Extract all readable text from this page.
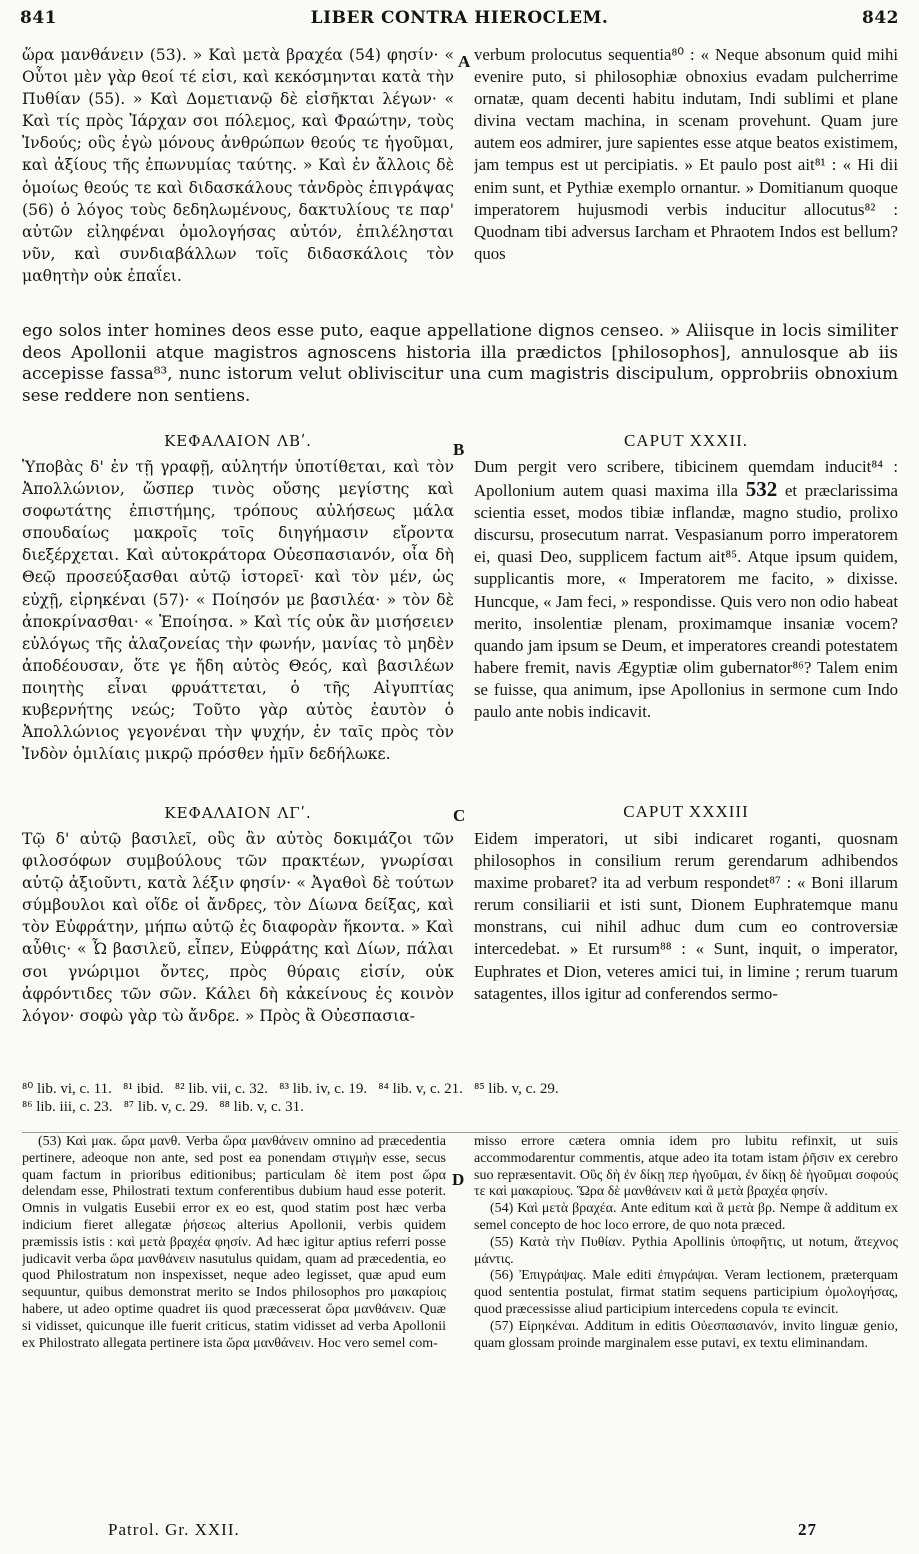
841	LIBER CONTRA HIEROCLEM.	842

ὥρα μανθάνειν (53). » Καὶ μετὰ βραχέα (54) φησίν· « Οὗτοι μὲν γὰρ θεοί τέ εἰσι, καὶ κεκόσμηνται κατὰ τὴν Πυθίαν (55). » Καὶ Δομετιανῷ δὲ εἰσῆκται λέγων· « Καὶ τίς πρὸς Ἰάρχαν σοι πόλεμος, καὶ Φραώτην, τοὺς Ἰνδούς; οὓς ἐγὼ μόνους ἀνθρώπων θεούς τε ἡγοῦμαι, καὶ ἀξίους τῆς ἐπωνυμίας ταύτης. » Καὶ ἐν ἄλλοις δὲ ὁμοίως θεούς τε καὶ διδασκάλους τἀνδρὸς ἐπιγράψας (56) ὁ λόγος τοὺς δεδηλωμένους, δακτυλίους τε παρ' αὐτῶν εἰληφέναι ὁμολογήσας αὐτόν, ἐπιλέλησται νῦν, καὶ συνδιαβάλλων τοῖς διδασκάλοις τὸν μαθητὴν οὐκ ἐπαΐει.

A verbum prolocutus sequentia⁸⁰ : « Neque absonum quid mihi evenire puto, si philosophiæ obnoxius evadam pulcherrime ornatæ, quam decenti habitu indutam, Indi sublimi et plane divina vectam machina, in scenam provehunt. Quam jure autem eos admirer, jure sapientes esse atque beatos existimem, jam tempus est ut percipiatis. » Et paulo post ait⁸¹ : « Hi dii enim sunt, et Pythiæ exemplo ornantur. » Domitianum quoque imperatorem hujusmodi verbis inducitur allocutus⁸² : Quodnam tibi adversus Iarcham et Phraotem Indos est bellum? quos

ego solos inter homines deos esse puto, eaque appellatione dignos censeo. » Aliisque in locis similiter deos Apollonii atque magistros agnoscens historia illa prædictos [philosophos], annulosque ab iis accepisse fassa⁸³, nunc istorum velut obliviscitur una cum magistris discipulum, opprobriis obnoxium sese reddere non sentiens.

ΚΕΦΑΛΑΙΟΝ ΛΒʹ.	B	CAPUT XXXII.

Ὑποβὰς δ' ἐν τῇ γραφῇ, αὐλητήν ὑποτίθεται, καὶ τὸν Ἀπολλώνιον, ὥσπερ τινὸς οὔσης μεγίστης καὶ σοφωτάτης ἐπιστήμης, τρόπους αὐλήσεως μάλα σπουδαίως μακροῖς τοῖς διηγήμασιν εἴροντα διεξέρχεται. Καὶ αὐτοκράτορα Οὐεσπασιανόν, οἷα δὴ Θεῷ προσεύξασθαι αὐτῷ ἱστορεῖ· καὶ τὸν μέν, ὡς εὐχῇ, εἰρηκέναι (57)· « Ποίησόν με βασιλέα· » τὸν δὲ ἀποκρίνασθαι· « Ἐποίησα. » Καὶ τίς οὐκ ἂν μισήσειεν εὐλόγως τῆς ἀλαζονείας τὴν φωνήν, μανίας τὸ μηδὲν ἀποδέουσαν, ὅτε γε ἤδη αὐτὸς Θεός, καὶ βασιλέων ποιητὴς εἶναι φρυάττεται, ὁ τῆς Αἰγυπτίας κυβερνήτης νεώς; Τοῦτο γὰρ αὐτὸς ἑαυτὸν ὁ Ἀπολλώνιος γεγονέναι τὴν ψυχήν, ἐν ταῖς πρὸς τὸν Ἰνδὸν ὁμιλίαις μικρῷ πρόσθεν ἡμῖν δεδήλωκε.

Dum pergit vero scribere, tibicinem quemdam inducit⁸⁴ : Apollonium autem quasi maxima illa 532 et præclarissima scientia esset, modos tibiæ inflandæ, magno studio, prolixo discursu, prosecutum narrat. Vespasianum porro imperatorem ei, quasi Deo, supplicem factum ait⁸⁵. Atque ipsum quidem, supplicantis more, « Imperatorem me facito, » dixisse. Huncque, « Jam feci, » respondisse. Quis vero non odio habeat merito, insolentiæ plenam, proximamque insaniæ vocem? quando jam ipsum se Deum, et imperatores creandi potestatem habere fremit, navis Ægyptiæ olim gubernator⁸⁶? Talem enim se fuisse, qua animum, ipse Apollonius in sermone cum Indo paulo ante nobis indicavit.

ΚΕΦΑΛΑΙΟΝ ΛΓʹ.	C	CAPUT XXXIII

Τῷ δ' αὐτῷ βασιλεῖ, οὓς ἂν αὐτὸς δοκιμάζοι τῶν φιλοσόφων συμβούλους τῶν πρακτέων, γνωρίσαι αὐτῷ ἀξιοῦντι, κατὰ λέξιν φησίν· « Ἀγαθοὶ δὲ τούτων σύμβουλοι καὶ οἵδε οἱ ἄνδρες, τὸν Δίωνα δείξας, καὶ τὸν Εὐφράτην, μήπω αὐτῷ ἐς διαφορὰν ἥκοντα. » Καὶ αὖθις· « Ὦ βασιλεῦ, εἶπεν, Εὐφράτης καὶ Δίων, πάλαι σοι γνώριμοι ὄντες, πρὸς θύραις εἰσίν, οὐκ ἀφρόντιδες τῶν σῶν. Κάλει δὴ κἀκείνους ἐς κοινὸν λόγον· σοφὼ γὰρ τὼ ἄνδρε. » Πρὸς ἃ Οὐεσπασια-

Eidem imperatori, ut sibi indicaret roganti, quosnam philosophos in consilium rerum gerendarum adhibendos maxime probaret? ita ad verbum respondet⁸⁷ : « Boni illarum rerum consiliarii et isti sunt, Dionem Euphratemque manu monstrans, cui nihil adhuc dum cum eo controversiæ intercedebat. » Et rursum⁸⁸ : « Sunt, inquit, o imperator, Euphrates et Dion, veteres amici tui, in limine ; rerum tuarum satagentes, illos igitur ad conferendos sermo-

⁸⁰ lib. vi, c. 11.   ⁸¹ ibid.   ⁸² lib. vii, c. 32.   ⁸³ lib. iv, c. 19.   ⁸⁴ lib. v, c. 21.   ⁸⁵ lib. v, c. 29.
⁸⁶ lib. iii, c. 23.   ⁸⁷ lib. v, c. 29.   ⁸⁸ lib. v, c. 31.

(53) Καὶ μακ. ὥρα μανθ. Verba ὥρα μανθάνειν omnino ad præcedentia pertinere, adeoque non ante, sed post ea ponendam στιγμὴν esse, secus quam factum in prioribus editionibus; particulam δὲ item post ὥρα delendam esse, Philostrati textum conferentibus dubium haud esse poterit. Omnis in vulgatis Eusebii error ex eo est, quod statim post hæc verba indicium fieret allegatæ ῥήσεως alterius Apollonii, verbis quidem præmissis istis : καὶ μετὰ βραχέα φησίν. Ad hæc igitur aptius referri posse judicavit verba ὥρα μανθάνειν nasutulus quidam, quam ad præcedentia, eo quod Philostratum non inspexisset, neque adeo legisset, quæ apud eum sequuntur, quibus demonstrat merito se Indos philosophos pro μακαρίοις habere, ut adeo optime quadret iis quod præcesserat ὥρα μανθάνειν. Quæ si vidisset, quicunque ille fuerit criticus, statim vidisset ad verba Apollonii ex Philostrato allegata pertinere ista ὥρα μανθάνειν. Hoc vero semel com-

D

misso errore cætera omnia idem pro lubitu refinxit, ut suis accommodarentur commentis, atque adeo ita totam istam ῥῆσιν ex cerebro suo repræsentavit. Οὓς δὴ ἐν δίκῃ περ ἡγοῦμαι, ἐν δίκῃ δὲ ἡγοῦμαι σοφούς τε καὶ μακαρίους. Ὥρα δὲ μανθάνειν καὶ ἃ μετὰ βραχέα φησίν.

(54) Καὶ μετὰ βραχέα. Ante editum καὶ ἃ μετὰ βρ. Nempe ἃ additum ex semel concepto de hoc loco errore, de quo nota præced.

(55) Κατὰ τὴν Πυθίαν. Pythia Apollinis ὑποφῆτις, ut notum, ἄτεχνος μάντις.

(56) Ἐπιγράψας. Male editi ἐπιγράψαι. Veram lectionem, præterquam quod sententia postulat, firmat statim sequens participium ὁμολογήσας, quod præcessisse aliud participium intercedens copula τε evincit.

(57) Εἰρηκέναι. Additum in editis Οὐεσπασιανόν, invito linguæ genio, quam glossam proinde marginalem esse putavi, ex textu eliminandam.

Patrol. Gr. XXII.	27
